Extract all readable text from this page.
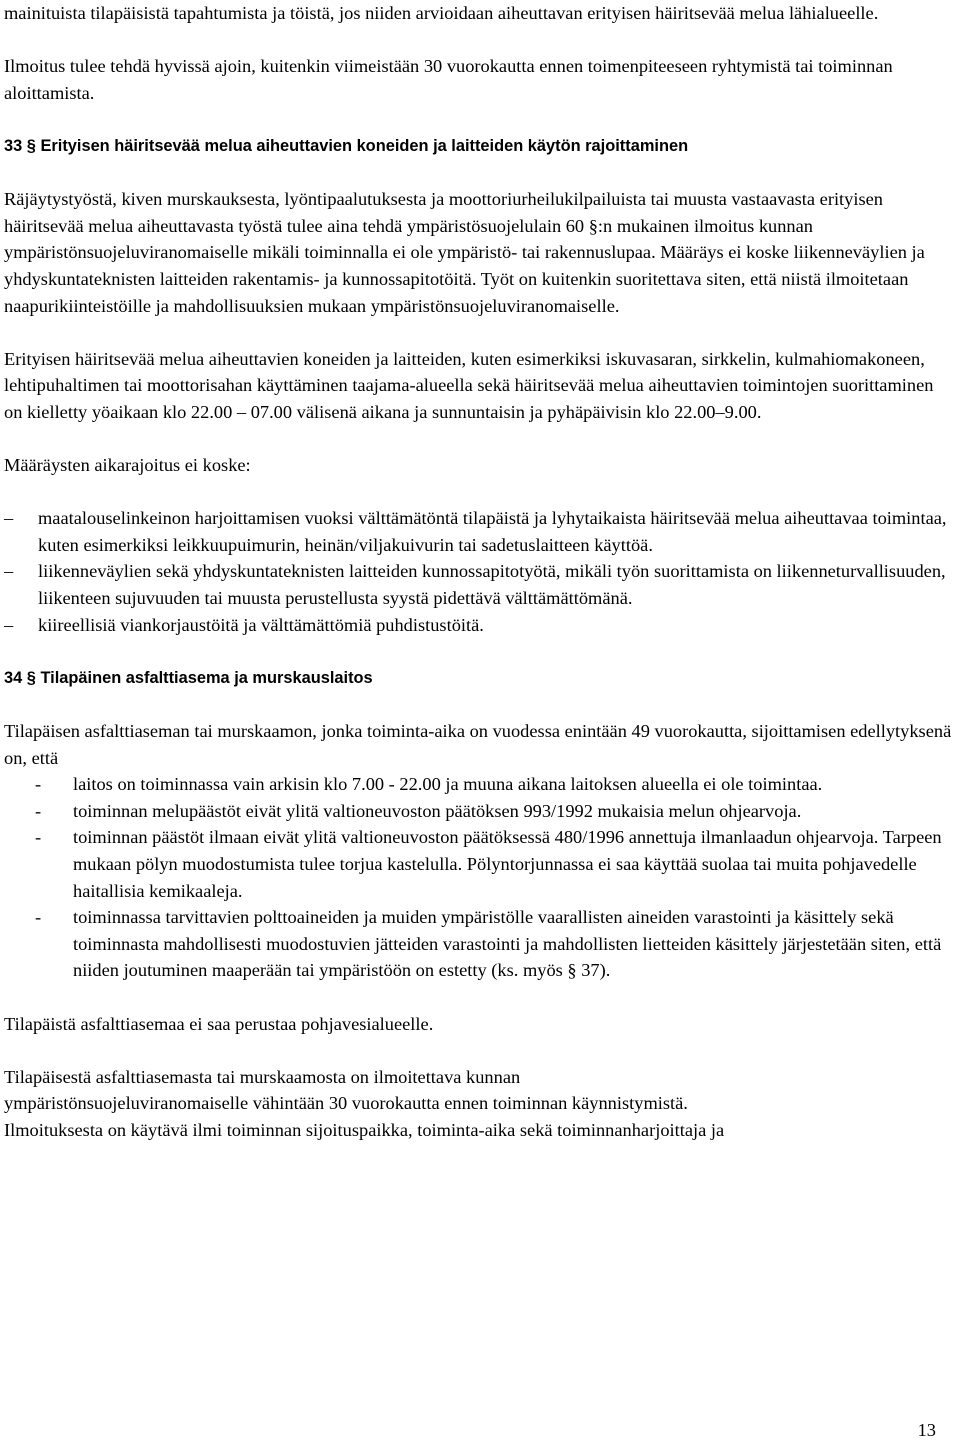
mainituista tilapäisistä tapahtumista ja töistä, jos niiden arvioidaan aiheuttavan erityisen häiritsevää melua lähialueelle.

Ilmoitus tulee tehdä hyvissä ajoin, kuitenkin viimeistään 30 vuorokautta ennen toimenpiteeseen ryhtymistä tai toiminnan aloittamista.

33 § Erityisen häiritsevää melua aiheuttavien koneiden ja laitteiden käytön rajoittaminen

Räjäytystyöstä, kiven murskauksesta, lyöntipaalutuksesta ja moottoriurheilukilpailuista tai muusta vastaavasta erityisen häiritsevää melua aiheuttavasta työstä tulee aina tehdä ympäristösuojelulain 60 §:n mukainen ilmoitus kunnan ympäristönsuojeluviranomaiselle mikäli toiminnalla ei ole ympäristö- tai rakennuslupaa. Määräys ei koske liikenneväylien ja yhdyskuntateknisten laitteiden rakentamis- ja kunnossapitotöitä. Työt on kuitenkin suoritettava siten, että niistä ilmoitetaan naapurikiinteistöille ja mahdollisuuksien mukaan ympäristönsuojeluviranomaiselle.

Erityisen häiritsevää melua aiheuttavien koneiden ja laitteiden, kuten esimerkiksi iskuvasaran, sirkkelin, kulmahiomakoneen, lehtipuhaltimen tai moottorisahan käyttäminen taajama-alueella sekä häiritsevää melua aiheuttavien toimintojen suorittaminen on kielletty yöaikaan klo 22.00 – 07.00 välisenä aikana ja sunnuntaisin ja pyhäpäivisin klo 22.00–9.00.

Määräysten aikarajoitus ei koske:

– maatalouselinkeinon harjoittamisen vuoksi välttämätöntä tilapäistä ja lyhytaikaista häiritsevää melua aiheuttavaa toimintaa, kuten esimerkiksi leikkuupuimurin, heinän/viljakuivurin tai sadetuslaitteen käyttöä.
– liikenneväylien sekä yhdyskuntateknisten laitteiden kunnossapitotyötä, mikäli työn suorittamista on liikenneturvallisuuden, liikenteen sujuvuuden tai muusta perustellusta syystä pidettävä välttämättömänä.
– kiireellisiä viankorjaustöitä ja välttämättömiä puhdistustöitä.

34 § Tilapäinen asfalttiasema ja murskauslaitos

Tilapäisen asfalttiaseman tai murskaamon, jonka toiminta-aika on vuodessa enintään 49 vuorokautta, sijoittamisen edellytyksenä on, että

- laitos on toiminnassa vain arkisin klo 7.00 - 22.00 ja muuna aikana laitoksen alueella ei ole toimintaa.
- toiminnan melupäästöt eivät ylitä valtioneuvoston päätöksen 993/1992 mukaisia melun ohjearvoja.
- toiminnan päästöt ilmaan eivät ylitä valtioneuvoston päätöksessä 480/1996 annettuja ilmanlaadun ohjearvoja. Tarpeen mukaan pölyn muodostumista tulee torjua kastelulla. Pölyntorjunnassa ei saa käyttää suolaa tai muita pohjavedelle haitallisia kemikaaleja.
- toiminnassa tarvittavien polttoaineiden ja muiden ympäristölle vaarallisten aineiden varastointi ja käsittely sekä toiminnasta mahdollisesti muodostuvien jätteiden varastointi ja mahdollisten lietteiden käsittely järjestetään siten, että niiden joutuminen maaperään tai ympäristöön on estetty (ks. myös § 37).

Tilapäistä asfalttiasemaa ei saa perustaa pohjavesialueelle.

Tilapäisestä asfalttiasemasta tai murskaamosta on ilmoitettava kunnan

ympäristönsuojeluviranomaiselle vähintään 30 vuorokautta ennen toiminnan käynnistymistä.

Ilmoituksesta on käytävä ilmi toiminnan sijoituspaikka, toiminta-aika sekä toiminnanharjoittaja ja

13
